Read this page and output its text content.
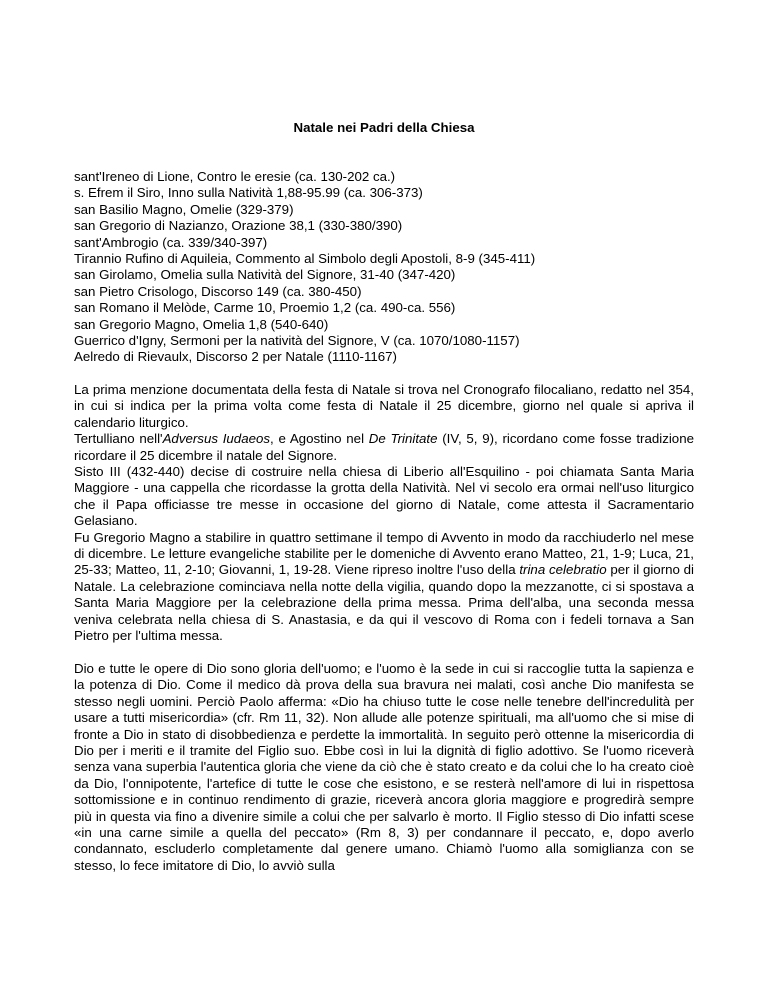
Natale nei Padri della Chiesa
sant'Ireneo di Lione, Contro le eresie (ca. 130-202 ca.)
s. Efrem il Siro, Inno sulla Natività 1,88-95.99 (ca. 306-373)
san Basilio Magno, Omelie (329-379)
san Gregorio di Nazianzo, Orazione 38,1 (330-380/390)
sant'Ambrogio (ca. 339/340-397)
Tirannio Rufino di Aquileia, Commento al Simbolo degli Apostoli, 8-9 (345-411)
san Girolamo, Omelia sulla Natività del Signore, 31-40 (347-420)
san Pietro Crisologo, Discorso 149 (ca. 380-450)
san Romano il Melòde, Carme 10, Proemio 1,2 (ca. 490-ca. 556)
san Gregorio Magno, Omelia 1,8 (540-640)
Guerrico d'Igny, Sermoni per la natività del Signore, V (ca. 1070/1080-1157)
Aelredo di Rievaulx, Discorso 2 per Natale (1110-1167)
La prima menzione documentata della festa di Natale si trova nel Cronografo filocaliano, redatto nel 354, in cui si indica per la prima volta come festa di Natale il 25 dicembre, giorno nel quale si apriva il calendario liturgico.
Tertulliano nell'Adversus Iudaeos, e Agostino nel De Trinitate (IV, 5, 9), ricordano come fosse tradizione ricordare il 25 dicembre il natale del Signore.
Sisto III (432-440) decise di costruire nella chiesa di Liberio all'Esquilino - poi chiamata Santa Maria Maggiore - una cappella che ricordasse la grotta della Natività. Nel vi secolo era ormai nell'uso liturgico che il Papa officiasse tre messe in occasione del giorno di Natale, come attesta il Sacramentario Gelasiano.
Fu Gregorio Magno a stabilire in quattro settimane il tempo di Avvento in modo da racchiuderlo nel mese di dicembre. Le letture evangeliche stabilite per le domeniche di Avvento erano Matteo, 21, 1-9; Luca, 21, 25-33; Matteo, 11, 2-10; Giovanni, 1, 19-28. Viene ripreso inoltre l'uso della trina celebratio per il giorno di Natale. La celebrazione cominciava nella notte della vigilia, quando dopo la mezzanotte, ci si spostava a Santa Maria Maggiore per la celebrazione della prima messa. Prima dell'alba, una seconda messa veniva celebrata nella chiesa di S. Anastasia, e da qui il vescovo di Roma con i fedeli tornava a San Pietro per l'ultima messa.
Dio e tutte le opere di Dio sono gloria dell'uomo; e l'uomo è la sede in cui si raccoglie tutta la sapienza e la potenza di Dio. Come il medico dà prova della sua bravura nei malati, così anche Dio manifesta se stesso negli uomini. Perciò Paolo afferma: «Dio ha chiuso tutte le cose nelle tenebre dell'incredulità per usare a tutti misericordia» (cfr. Rm 11, 32). Non allude alle potenze spirituali, ma all'uomo che si mise di fronte a Dio in stato di disobbedienza e perdette la immortalità. In seguito però ottenne la misericordia di Dio per i meriti e il tramite del Figlio suo. Ebbe così in lui la dignità di figlio adottivo. Se l'uomo riceverà senza vana superbia l'autentica gloria che viene da ciò che è stato creato e da colui che lo ha creato cioè da Dio, l'onnipotente, l'artefice di tutte le cose che esistono, e se resterà nell'amore di lui in rispettosa sottomissione e in continuo rendimento di grazie, riceverà ancora gloria maggiore e progredirà sempre più in questa via fino a divenire simile a colui che per salvarlo è morto. Il Figlio stesso di Dio infatti scese «in una carne simile a quella del peccato» (Rm 8, 3) per condannare il peccato, e, dopo averlo condannato, escluderlo completamente dal genere umano. Chiamò l'uomo alla somiglianza con se stesso, lo fece imitatore di Dio, lo avviò sulla
